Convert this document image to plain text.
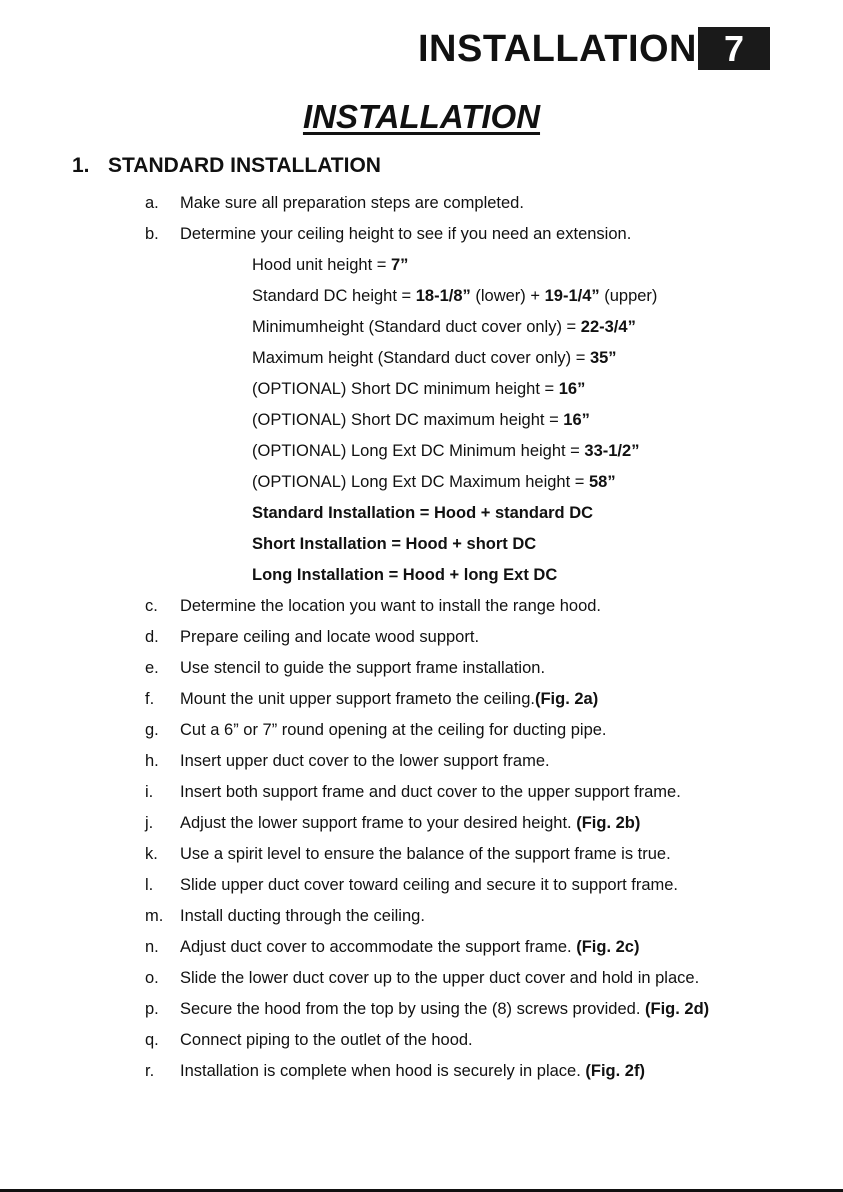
INSTALLATION 7
INSTALLATION
1. STANDARD INSTALLATION
a.	Make sure all preparation steps are completed.
b.	Determine your ceiling height to see if you need an extension.
Hood unit height = 7”
Standard DC height = 18-1/8” (lower) + 19-1/4” (upper)
Minimumheight (Standard duct cover only) = 22-3/4”
Maximum height (Standard duct cover only) = 35”
(OPTIONAL) Short DC minimum height = 16”
(OPTIONAL) Short DC maximum height = 16”
(OPTIONAL) Long Ext DC Minimum height = 33-1/2”
(OPTIONAL) Long Ext DC Maximum height = 58”
Standard Installation = Hood + standard DC
Short Installation = Hood + short DC
Long Installation = Hood + long Ext DC
c.	Determine the location you want to install the range hood.
d.	Prepare ceiling and locate wood support.
e.	Use stencil to guide the support frame installation.
f.	Mount the unit upper support frameto the ceiling.(Fig. 2a)
g.	Cut a 6” or 7” round opening at the ceiling for ducting pipe.
h.	Insert upper duct cover to the lower support frame.
i.	Insert both support frame and duct cover to the upper support frame.
j.	Adjust the lower support frame to your desired height. (Fig. 2b)
k.	Use a spirit level to ensure the balance of the support frame is true.
l.	Slide upper duct cover toward ceiling and secure it to support frame.
m.	Install ducting through the ceiling.
n.	Adjust duct cover to accommodate the support frame. (Fig. 2c)
o.	Slide the lower duct cover up to the upper duct cover and hold in place.
p.	Secure the hood from the top by using the (8) screws provided. (Fig. 2d)
q.	Connect piping to the outlet of the hood.
r.	Installation is complete when hood is securely in place. (Fig. 2f)
